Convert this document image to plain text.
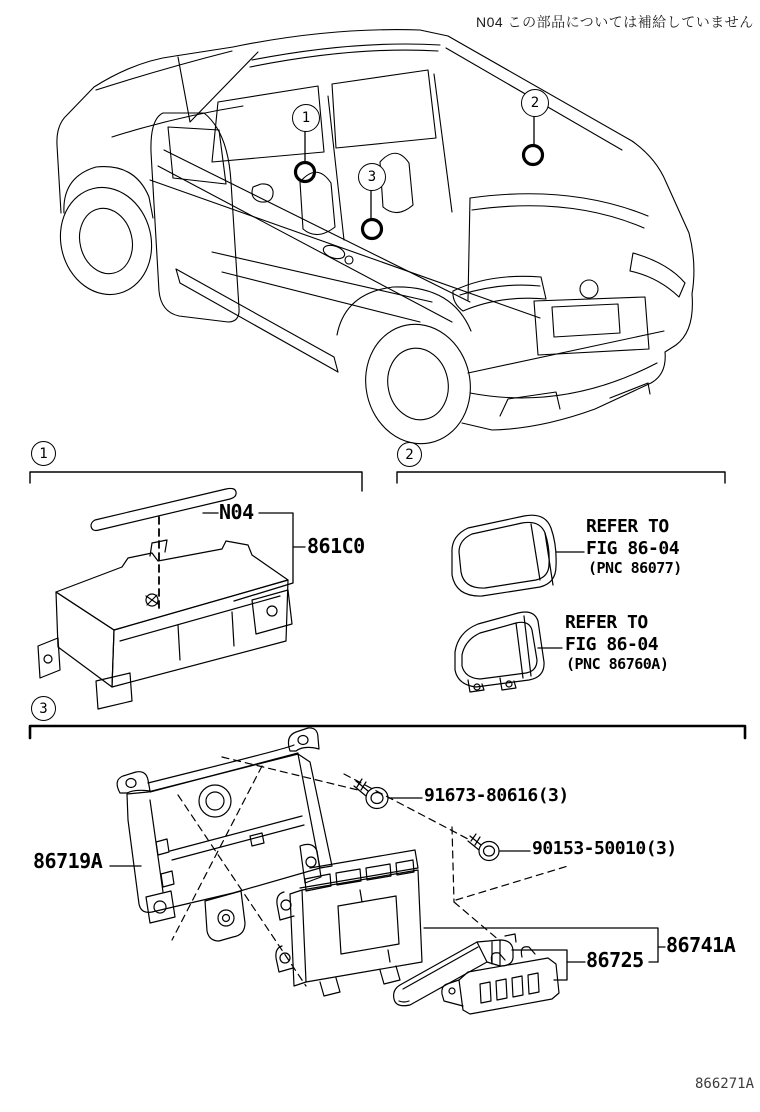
N04 この部品については補給していません
1
2
3
1	2
3
N04
861C0
REFER TO
FIG 86-04
(PNC 86077)
REFER TO
FIG 86-04
(PNC 86760A)
86719A
91673-80616(3)
90153-50010(3)
86725
86741A
866271A
